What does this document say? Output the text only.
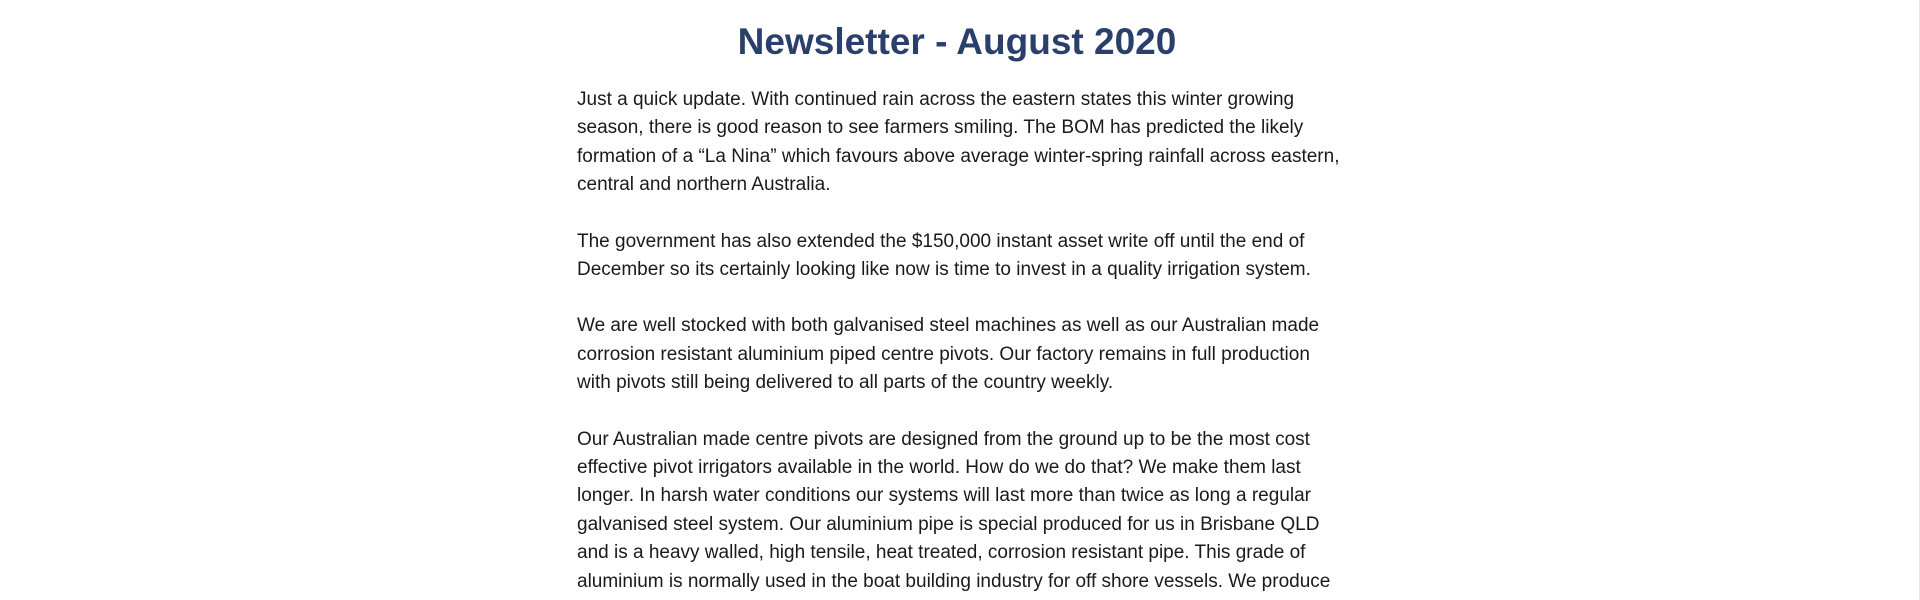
Newsletter - August 2020

Just a quick update. With continued rain across the eastern states this winter growing
season, there is good reason to see farmers smiling. The BOM has predicted the likely
formation of a “La Nina” which favours above average winter-spring rainfall across eastern,
central and northern Australia.

The government has also extended the $150,000 instant asset write off until the end of
December so its certainly looking like now is time to invest in a quality irrigation system.

We are well stocked with both galvanised steel machines as well as our Australian made
corrosion resistant aluminium piped centre pivots. Our factory remains in full production
with pivots still being delivered to all parts of the country weekly.

Our Australian made centre pivots are designed from the ground up to be the most cost
effective pivot irrigators available in the world. How do we do that? We make them last
longer. In harsh water conditions our systems will last more than twice as long a regular
galvanised steel system. Our aluminium pipe is special produced for us in Brisbane QLD
and is a heavy walled, high tensile, heat treated, corrosion resistant pipe. This grade of
aluminium is normally used in the boat building industry for off shore vessels. We produce
